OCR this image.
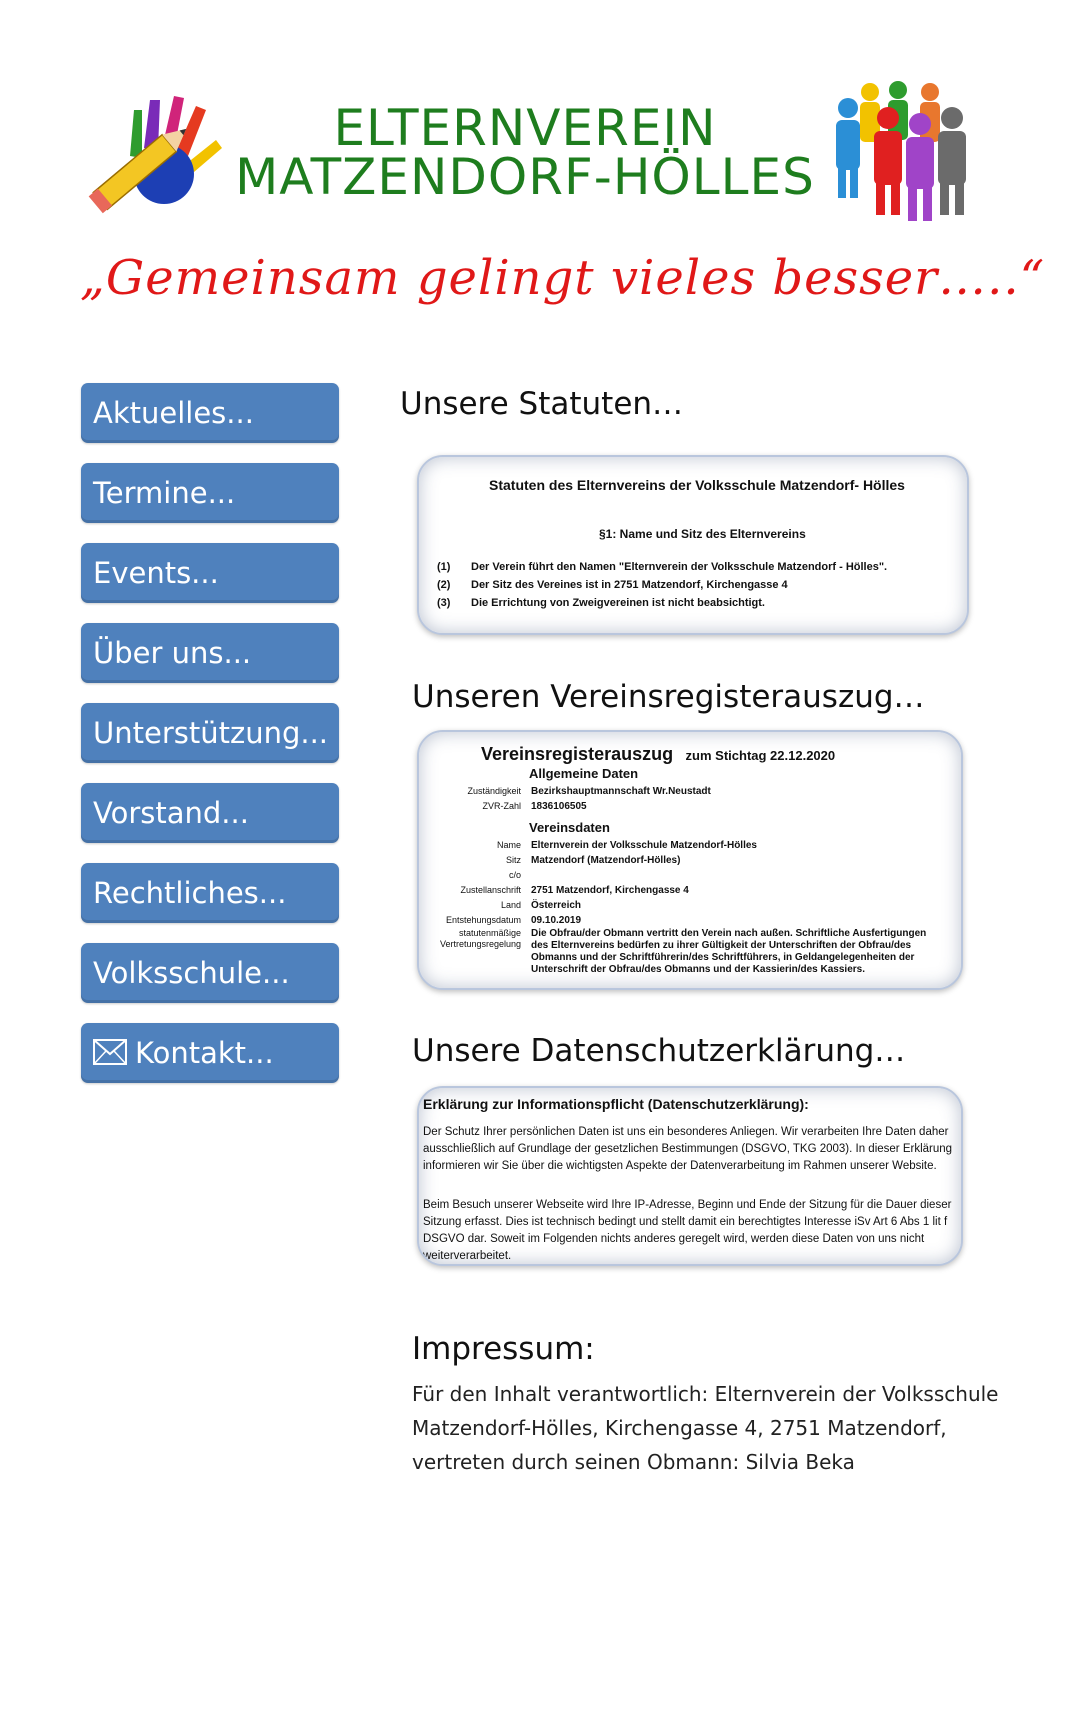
ELTERNVEREIN
MATZENDORF-HÖLLES
„Gemeinsam gelingt vieles besser…..“
Aktuelles...
Termine...
Events...
Über uns...
Unterstützung...
Vorstand...
Rechtliches...
Volksschule...
Kontakt...
Unsere Statuten…
Statuten des Elternvereins der Volksschule Matzendorf- Hölles
§1: Name und Sitz des Elternvereins
(1) Der Verein führt den Namen "Elternverein der Volksschule Matzendorf - Hölles".
(2) Der Sitz des Vereines ist in 2751 Matzendorf, Kirchengasse 4
(3) Die Errichtung von Zweigvereinen ist nicht beabsichtigt.
Unseren Vereinsregisterauszug…
Vereinsregisterauszug zum Stichtag 22.12.2020
Allgemeine Daten
Zuständigkeit	Bezirkshauptmannschaft Wr.Neustadt
ZVR-Zahl	1836106505
Vereinsdaten
Name	Elternverein der Volksschule Matzendorf-Hölles
Sitz	Matzendorf (Matzendorf-Hölles)
c/o
Zustellanschrift	2751 Matzendorf, Kirchengasse 4
Land	Österreich
Entstehungsdatum	09.10.2019
statutenmäßige
Vertretungsregelung
Die Obfrau/der Obmann vertritt den Verein nach außen. Schriftliche Ausfertigungen des Elternvereins bedürfen zu ihrer Gültigkeit der Unterschriften der Obfrau/des Obmanns und der Schriftführerin/des Schriftführers, in Geldangelegenheiten der Unterschrift der Obfrau/des Obmanns und der Kassierin/des Kassiers.
Unsere Datenschutzerklärung…
Erklärung zur Informationspflicht (Datenschutzerklärung):
Der Schutz Ihrer persönlichen Daten ist uns ein besonderes Anliegen. Wir verarbeiten Ihre Daten daher ausschließlich auf Grundlage der gesetzlichen Bestimmungen (DSGVO, TKG 2003). In dieser Erklärung informieren wir Sie über die wichtigsten Aspekte der Datenverarbeitung im Rahmen unserer Website.
Beim Besuch unserer Webseite wird Ihre IP-Adresse, Beginn und Ende der Sitzung für die Dauer dieser Sitzung erfasst. Dies ist technisch bedingt und stellt damit ein berechtigtes Interesse iSv Art 6 Abs 1 lit f DSGVO dar. Soweit im Folgenden nichts anderes geregelt wird, werden diese Daten von uns nicht weiterverarbeitet.
Impressum:
Für den Inhalt verantwortlich: Elternverein der Volksschule
Matzendorf-Hölles, Kirchengasse 4, 2751 Matzendorf,
vertreten durch seinen Obmann: Silvia Beka
